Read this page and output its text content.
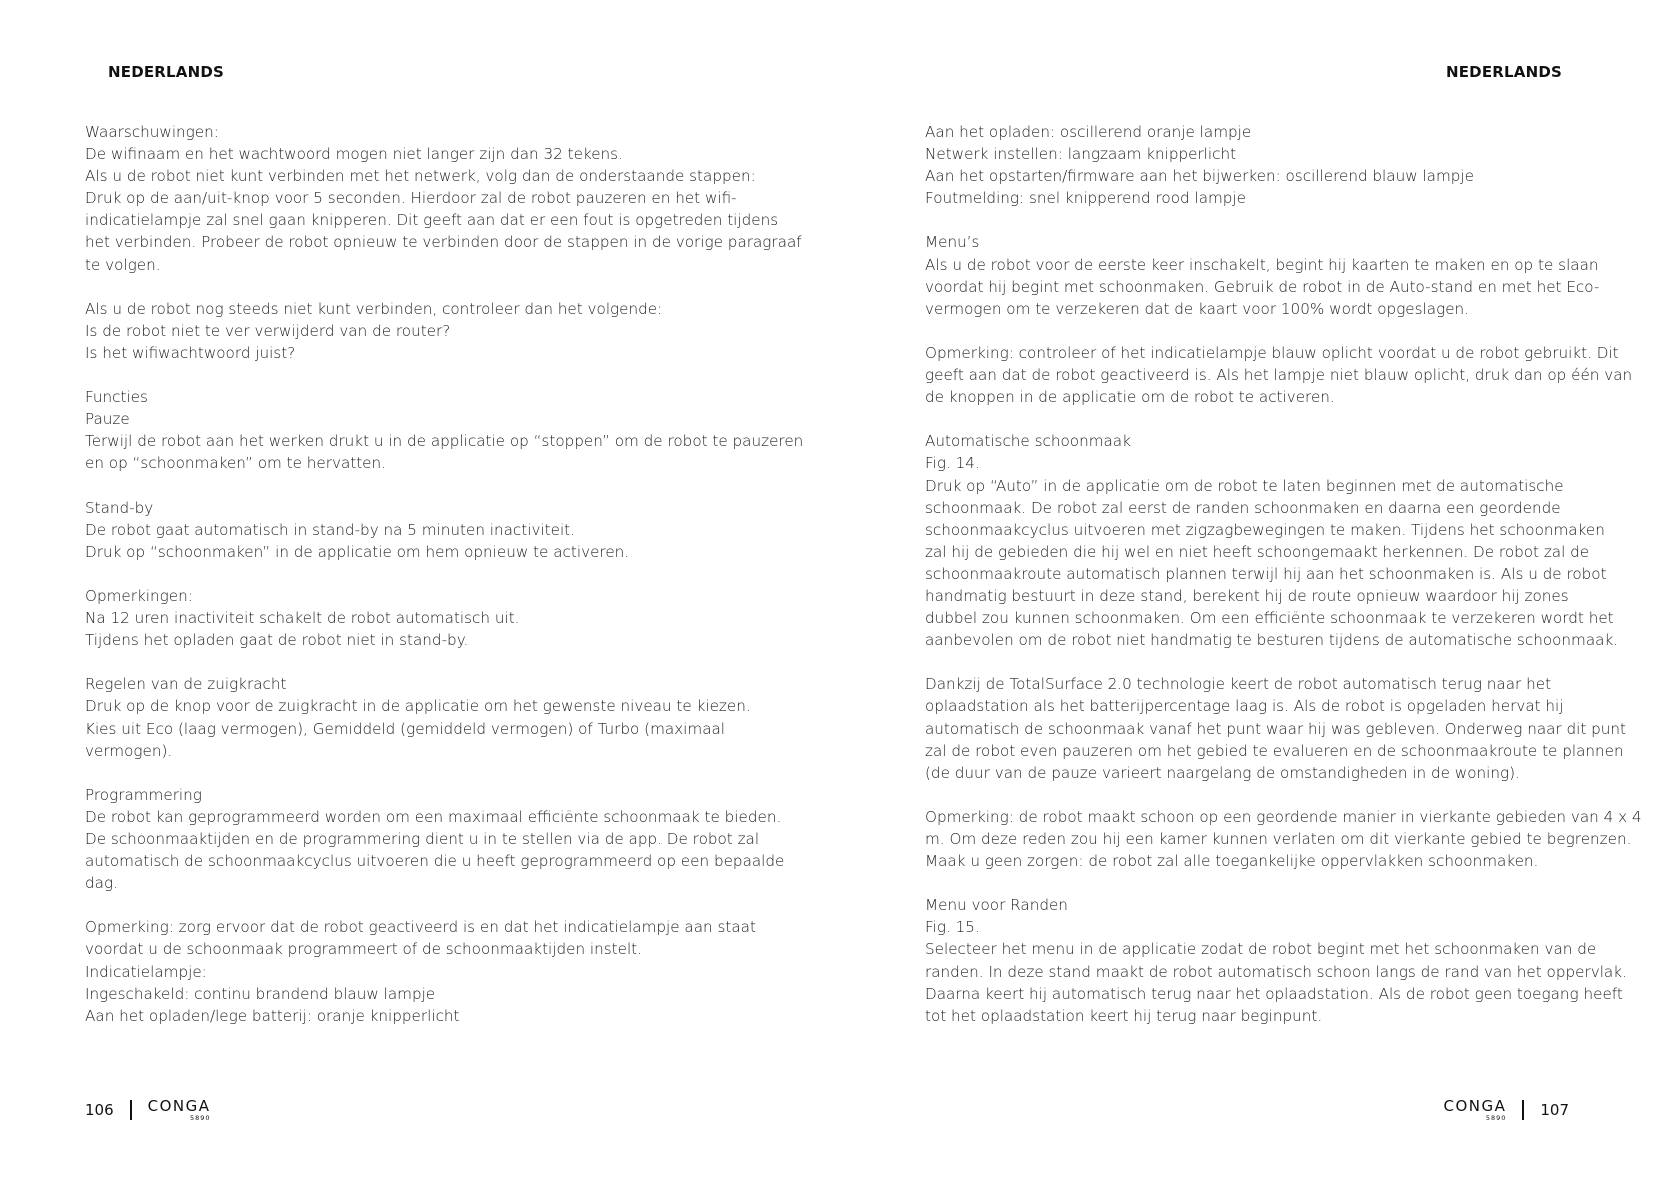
NEDERLANDS
Waarschuwingen:
De wifinaam en het wachtwoord mogen niet langer zijn dan 32 tekens.
Als u de robot niet kunt verbinden met het netwerk, volg dan de onderstaande stappen:
Druk op de aan/uit-knop voor 5 seconden. Hierdoor zal de robot pauzeren en het wifi-
indicatielampje zal snel gaan knipperen. Dit geeft aan dat er een fout is opgetreden tijdens
het verbinden. Probeer de robot opnieuw te verbinden door de stappen in de vorige paragraaf
te volgen.
Als u de robot nog steeds niet kunt verbinden, controleer dan het volgende:
Is de robot niet te ver verwijderd van de router?
Is het wifiwachtwoord juist?
Functies
Pauze
Terwijl de robot aan het werken drukt u in de applicatie op “stoppen” om de robot te pauzeren
en op “schoonmaken” om te hervatten.
Stand-by
De robot gaat automatisch in stand-by na 5 minuten inactiviteit.
Druk op “schoonmaken” in de applicatie om hem opnieuw te activeren.
Opmerkingen:
Na 12 uren inactiviteit schakelt de robot automatisch uit.
Tijdens het opladen gaat de robot niet in stand-by.
Regelen van de zuigkracht
Druk op de knop voor de zuigkracht in de applicatie om het gewenste niveau te kiezen.
Kies uit Eco (laag vermogen), Gemiddeld (gemiddeld vermogen) of Turbo (maximaal
vermogen).
Programmering
De robot kan geprogrammeerd worden om een maximaal efficiënte schoonmaak te bieden.
De schoonmaaktijden en de programmering dient u in te stellen via de app. De robot zal
automatisch de schoonmaakcyclus uitvoeren die u heeft geprogrammeerd op een bepaalde
dag.
Opmerking: zorg ervoor dat de robot geactiveerd is en dat het indicatielampje aan staat
voordat u de schoonmaak programmeert of de schoonmaaktijden instelt.
Indicatielampje:
Ingeschakeld: continu brandend blauw lampje
Aan het opladen/lege batterij: oranje knipperlicht
106 CONGA
5890
NEDERLANDS
Aan het opladen: oscillerend oranje lampje
Netwerk instellen: langzaam knipperlicht
Aan het opstarten/firmware aan het bijwerken: oscillerend blauw lampje
Foutmelding: snel knipperend rood lampje
Menu’s
Als u de robot voor de eerste keer inschakelt, begint hij kaarten te maken en op te slaan
voordat hij begint met schoonmaken. Gebruik de robot in de Auto-stand en met het Eco-
vermogen om te verzekeren dat de kaart voor 100% wordt opgeslagen.
Opmerking: controleer of het indicatielampje blauw oplicht voordat u de robot gebruikt. Dit
geeft aan dat de robot geactiveerd is. Als het lampje niet blauw oplicht, druk dan op één van
de knoppen in de applicatie om de robot te activeren.
Automatische schoonmaak
Fig. 14.
Druk op “Auto” in de applicatie om de robot te laten beginnen met de automatische
schoonmaak. De robot zal eerst de randen schoonmaken en daarna een geordende
schoonmaakcyclus uitvoeren met zigzagbewegingen te maken. Tijdens het schoonmaken
zal hij de gebieden die hij wel en niet heeft schoongemaakt herkennen. De robot zal de
schoonmaakroute automatisch plannen terwijl hij aan het schoonmaken is. Als u de robot
handmatig bestuurt in deze stand, berekent hij de route opnieuw waardoor hij zones
dubbel zou kunnen schoonmaken. Om een efficiënte schoonmaak te verzekeren wordt het
aanbevolen om de robot niet handmatig te besturen tijdens de automatische schoonmaak.
Dankzij de TotalSurface 2.0 technologie keert de robot automatisch terug naar het
oplaadstation als het batterijpercentage laag is. Als de robot is opgeladen hervat hij
automatisch de schoonmaak vanaf het punt waar hij was gebleven. Onderweg naar dit punt
zal de robot even pauzeren om het gebied te evalueren en de schoonmaakroute te plannen
(de duur van de pauze varieert naargelang de omstandigheden in de woning).
Opmerking: de robot maakt schoon op een geordende manier in vierkante gebieden van 4 x 4
m. Om deze reden zou hij een kamer kunnen verlaten om dit vierkante gebied te begrenzen.
Maak u geen zorgen: de robot zal alle toegankelijke oppervlakken schoonmaken.
Menu voor Randen
Fig. 15.
Selecteer het menu in de applicatie zodat de robot begint met het schoonmaken van de
randen. In deze stand maakt de robot automatisch schoon langs de rand van het oppervlak.
Daarna keert hij automatisch terug naar het oplaadstation. Als de robot geen toegang heeft
tot het oplaadstation keert hij terug naar beginpunt.
CONGA
5890 107
